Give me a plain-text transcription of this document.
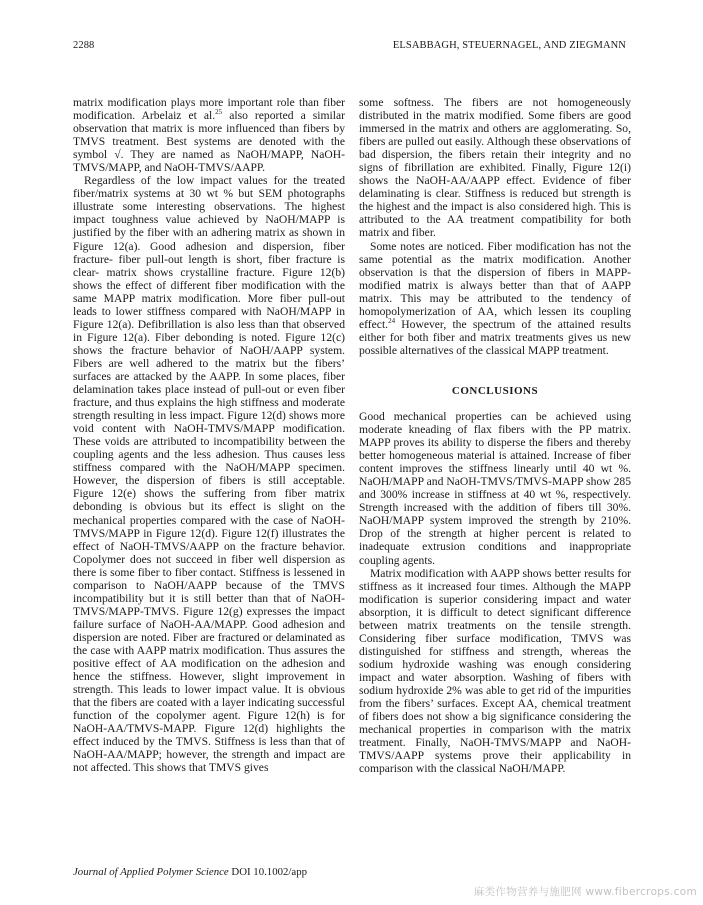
2288	ELSABBAGH, STEUERNAGEL, AND ZIEGMANN

matrix modification plays more important role than fiber modification. Arbelaiz et al.$^{25}$ also reported a similar observation that matrix is more influenced than fibers by TMVS treatment. Best systems are denoted with the symbol √. They are named as NaOH/MAPP, NaOH-TMVS/MAPP, and NaOH-TMVS/AAPP.

Regardless of the low impact values for the treated fiber/matrix systems at 30 wt % but SEM photographs illustrate some interesting observations. The highest impact toughness value achieved by NaOH/MAPP is justified by the fiber with an adhering matrix as shown in Figure 12(a). Good adhesion and dispersion, fiber fracture- fiber pull-out length is short, fiber fracture is clear- matrix shows crystalline fracture. Figure 12(b) shows the effect of different fiber modification with the same MAPP matrix modification. More fiber pull-out leads to lower stiffness compared with NaOH/MAPP in Figure 12(a). Defibrillation is also less than that observed in Figure 12(a). Fiber debonding is noted. Figure 12(c) shows the fracture behavior of NaOH/AAPP system. Fibers are well adhered to the matrix but the fibers’ surfaces are attacked by the AAPP. In some places, fiber delamination takes place instead of pull-out or even fiber fracture, and thus explains the high stiffness and moderate strength resulting in less impact. Figure 12(d) shows more void content with NaOH-TMVS/MAPP modification. These voids are attributed to incompatibility between the coupling agents and the less adhesion. Thus causes less stiffness compared with the NaOH/MAPP specimen. However, the dispersion of fibers is still acceptable. Figure 12(e) shows the suffering from fiber matrix debonding is obvious but its effect is slight on the mechanical properties compared with the case of NaOH-TMVS/MAPP in Figure 12(d). Figure 12(f) illustrates the effect of NaOH-TMVS/AAPP on the fracture behavior. Copolymer does not succeed in fiber well dispersion as there is some fiber to fiber contact. Stiffness is lessened in comparison to NaOH/AAPP because of the TMVS incompatibility but it is still better than that of NaOH-TMVS/MAPP-TMVS. Figure 12(g) expresses the impact failure surface of NaOH-AA/MAPP. Good adhesion and dispersion are noted. Fiber are fractured or delaminated as the case with AAPP matrix modification. Thus assures the positive effect of AA modification on the adhesion and hence the stiffness. However, slight improvement in strength. This leads to lower impact value. It is obvious that the fibers are coated with a layer indicating successful function of the copolymer agent. Figure 12(h) is for NaOH-AA/TMVS-MAPP. Figure 12(d) highlights the effect induced by the TMVS. Stiffness is less than that of NaOH-AA/MAPP; however, the strength and impact are not affected. This shows that TMVS gives

some softness. The fibers are not homogeneously distributed in the matrix modified. Some fibers are good immersed in the matrix and others are agglomerating. So, fibers are pulled out easily. Although these observations of bad dispersion, the fibers retain their integrity and no signs of fibrillation are exhibited. Finally, Figure 12(i) shows the NaOH-AA/AAPP effect. Evidence of fiber delaminating is clear. Stiffness is reduced but strength is the highest and the impact is also considered high. This is attributed to the AA treatment compatibility for both matrix and fiber.

Some notes are noticed. Fiber modification has not the same potential as the matrix modification. Another observation is that the dispersion of fibers in MAPP-modified matrix is always better than that of AAPP matrix. This may be attributed to the tendency of homopolymerization of AA, which lessen its coupling effect.$^{24}$ However, the spectrum of the attained results either for both fiber and matrix treatments gives us new possible alternatives of the classical MAPP treatment.

CONCLUSIONS

Good mechanical properties can be achieved using moderate kneading of flax fibers with the PP matrix. MAPP proves its ability to disperse the fibers and thereby better homogeneous material is attained. Increase of fiber content improves the stiffness linearly until 40 wt %. NaOH/MAPP and NaOH-TMVS/TMVS-MAPP show 285 and 300% increase in stiffness at 40 wt %, respectively. Strength increased with the addition of fibers till 30%. NaOH/MAPP system improved the strength by 210%. Drop of the strength at higher percent is related to inadequate extrusion conditions and inappropriate coupling agents.

Matrix modification with AAPP shows better results for stiffness as it increased four times. Although the MAPP modification is superior considering impact and water absorption, it is difficult to detect significant difference between matrix treatments on the tensile strength. Considering fiber surface modification, TMVS was distinguished for stiffness and strength, whereas the sodium hydroxide washing was enough considering impact and water absorption. Washing of fibers with sodium hydroxide 2% was able to get rid of the impurities from the fibers’ surfaces. Except AA, chemical treatment of fibers does not show a big significance considering the mechanical properties in comparison with the matrix treatment. Finally, NaOH-TMVS/MAPP and NaOH-TMVS/AAPP systems prove their applicability in comparison with the classical NaOH/MAPP.

Journal of Applied Polymer Science DOI 10.1002/app
麻类作物营养与施肥网 www.fibercrops.com
